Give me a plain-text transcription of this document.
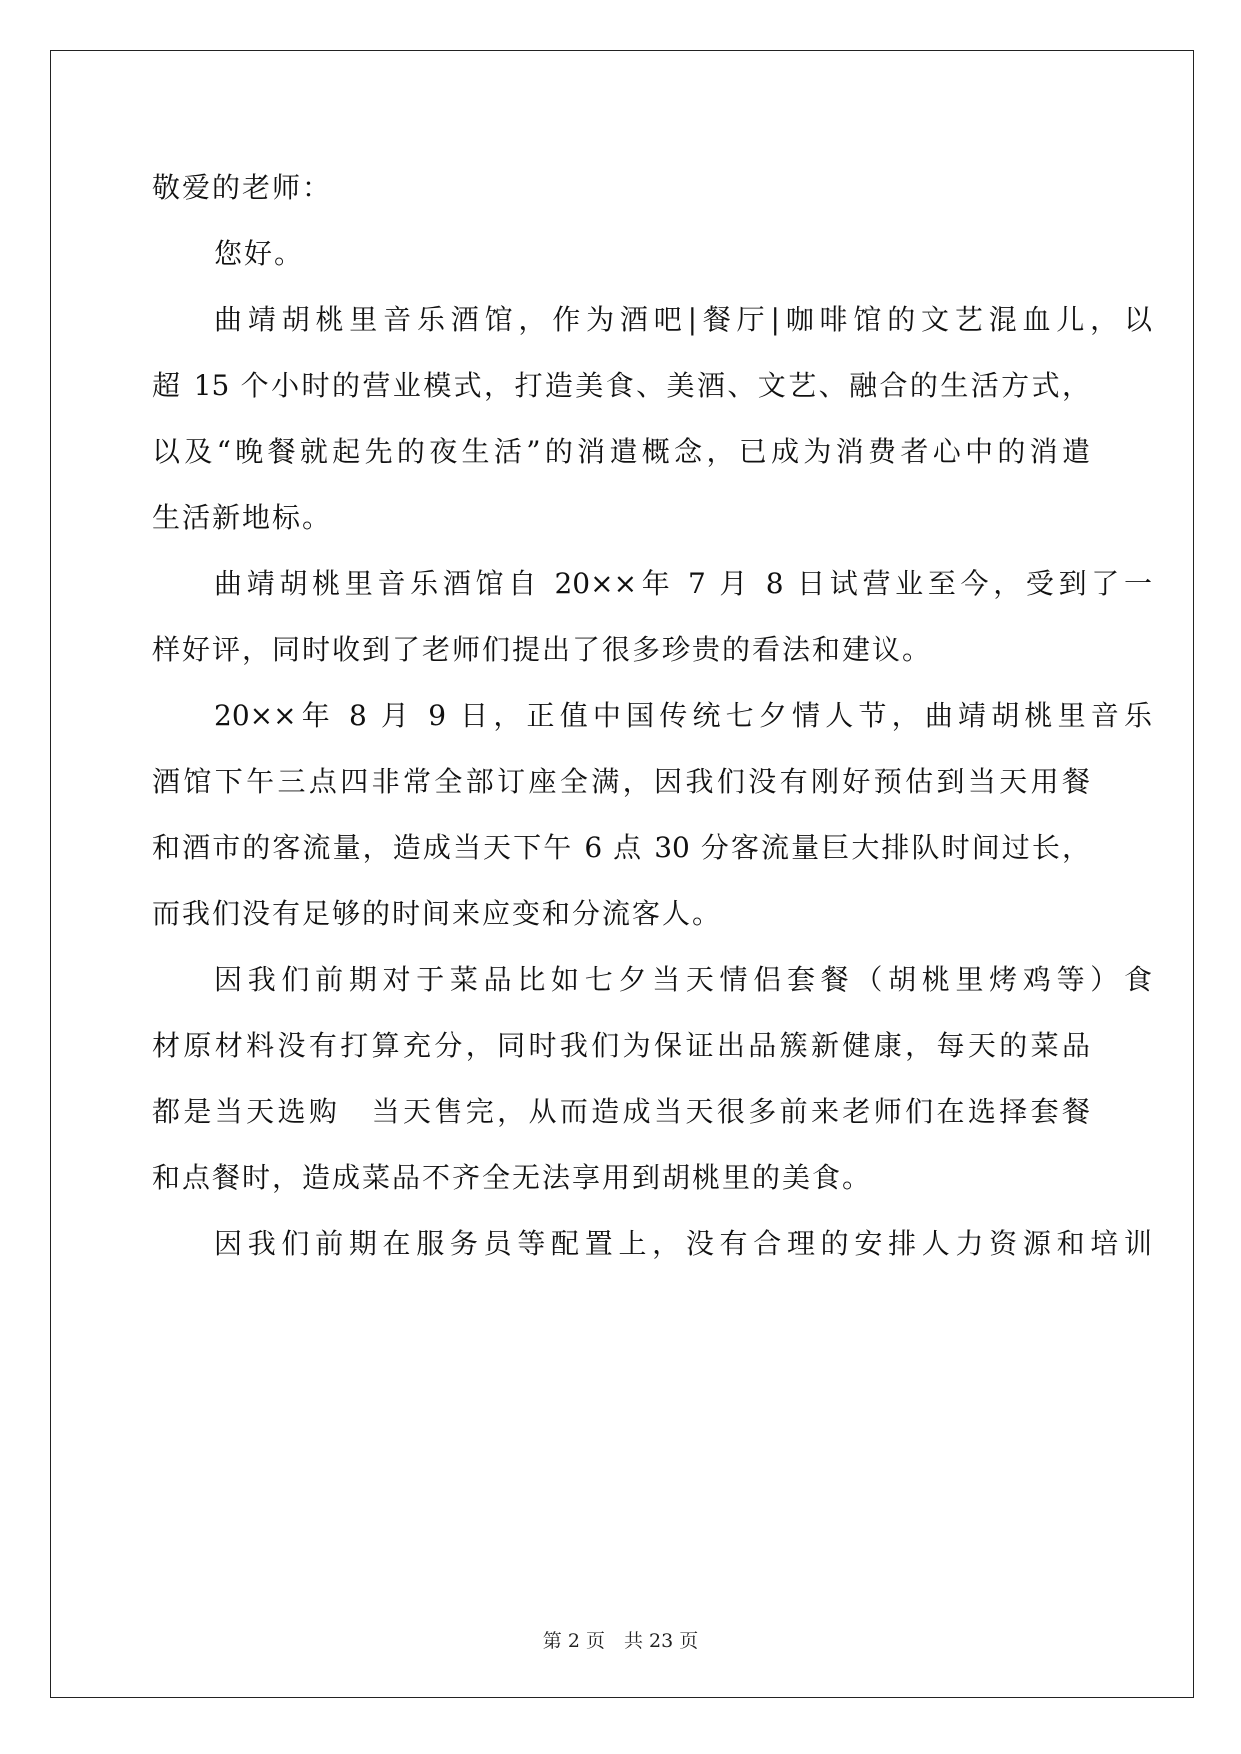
敬爱的老师：
您好。
曲靖胡桃里音乐酒馆，作为酒吧|餐厅|咖啡馆的文艺混血儿，以
超 15 个小时的营业模式，打造美食、美酒、文艺、融合的生活方式，
以及“晚餐就起先的夜生活”的消遣概念，已成为消费者心中的消遣
生活新地标。
曲靖胡桃里音乐酒馆自 20××年 7 月 8 日试营业至今，受到了一
样好评，同时收到了老师们提出了很多珍贵的看法和建议。
20××年 8 月 9 日，正值中国传统七夕情人节，曲靖胡桃里音乐
酒馆下午三点四非常全部订座全满，因我们没有刚好预估到当天用餐
和酒市的客流量，造成当天下午 6 点 30 分客流量巨大排队时间过长，
而我们没有足够的时间来应变和分流客人。
因我们前期对于菜品比如七夕当天情侣套餐（胡桃里烤鸡等）食
材原材料没有打算充分，同时我们为保证出品簇新健康，每天的菜品
都是当天选购　当天售完，从而造成当天很多前来老师们在选择套餐
和点餐时，造成菜品不齐全无法享用到胡桃里的美食。
因我们前期在服务员等配置上，没有合理的安排人力资源和培训
第 2 页　共 23 页
